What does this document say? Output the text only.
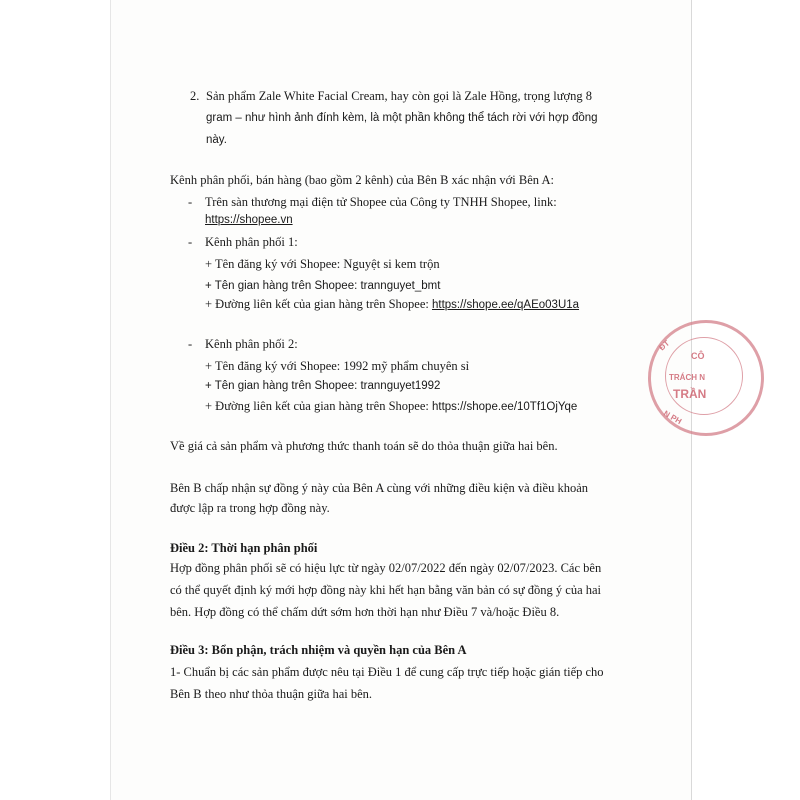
2. Sản phẩm Zale White Facial Cream, hay còn gọi là Zale Hồng, trọng lượng 8
gram – như hình ảnh đính kèm, là một phần không thể tách rời với hợp đồng
này.
Kênh phân phối, bán hàng (bao gồm 2 kênh) của Bên B xác nhận với Bên A:
- Trên sàn thương mại điện tử Shopee của Công ty TNHH Shopee, link:
https://shopee.vn
- Kênh phân phối 1:
+ Tên đăng ký với Shopee: Nguyệt si kem trộn
+ Tên gian hàng trên Shopee: trannguyet_bmt
+ Đường liên kết của gian hàng trên Shopee: https://shope.ee/qAEo03U1a
- Kênh phân phối 2:
+ Tên đăng ký với Shopee: 1992 mỹ phẩm chuyên sỉ
+ Tên gian hàng trên Shopee: trannguyet1992
+ Đường liên kết của gian hàng trên Shopee: https://shope.ee/10Tf1OjYqe
Về giá cả sản phẩm và phương thức thanh toán sẽ do thỏa thuận giữa hai bên.
Bên B chấp nhận sự đồng ý này của Bên A cùng với những điều kiện và điều khoản
được lập ra trong hợp đồng này.
Điều 2: Thời hạn phân phối
Hợp đồng phân phối sẽ có hiệu lực từ ngày 02/07/2022 đến ngày 02/07/2023. Các bên
có thể quyết định ký mới hợp đồng này khi hết hạn bằng văn bản có sự đồng ý của hai
bên. Hợp đồng có thể chấm dứt sớm hơn thời hạn như Điều 7 và/hoặc Điều 8.
Điều 3: Bổn phận, trách nhiệm và quyền hạn của Bên A
1- Chuẩn bị các sản phẩm được nêu tại Điều 1 để cung cấp trực tiếp hoặc gián tiếp cho
Bên B theo như thỏa thuận giữa hai bên.
ĐT
CÔ
TRÁCH N
TRẦN
N PH
